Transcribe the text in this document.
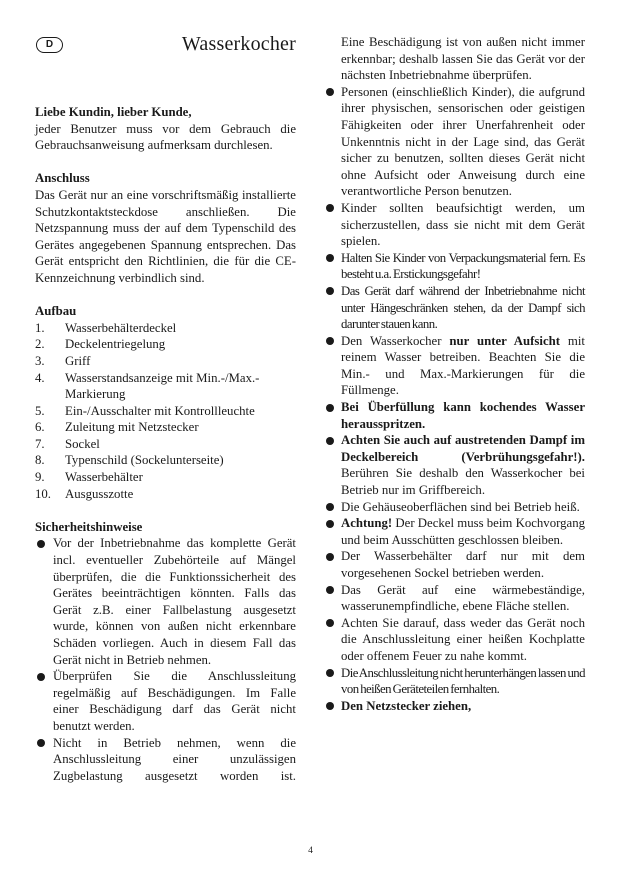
D	Wasserkocher
Liebe Kundin, lieber Kunde,

jeder Benutzer muss vor dem Gebrauch die Gebrauchsanweisung aufmerksam durchlesen.

Anschluss

Das Gerät nur an eine vorschriftsmäßig installierte Schutzkontaktsteckdose anschließen. Die Netzspannung muss der auf dem Typenschild des Gerätes angegebenen Spannung entsprechen. Das Gerät entspricht den Richtlinien, die für die CE-Kennzeichnung verbindlich sind.

Aufbau
1.	Wasserbehälterdeckel
2.	Deckelentriegelung
3.	Griff
4.	Wasserstandsanzeige mit Min.-/Max.-Markierung
5.	Ein-/Ausschalter mit Kontrollleuchte
6.	Zuleitung mit Netzstecker
7.	Sockel
8.	Typenschild (Sockelunterseite)
9.	Wasserbehälter
10.	Ausgusszotte
Sicherheitshinweise
Vor der Inbetriebnahme das komplette Gerät incl. eventueller Zubehörteile auf Mängel überprüfen, die die Funktionssicherheit des Gerätes beeinträchtigen könnten. Falls das Gerät z.B. einer Fallbelastung ausgesetzt wurde, können von außen nicht erkennbare Schäden vorliegen. Auch in diesem Fall das Gerät nicht in Betrieb nehmen.
Überprüfen Sie die Anschlussleitung regelmäßig auf Beschädigungen. Im Falle einer Beschädigung darf das Gerät nicht benutzt werden.
Nicht in Betrieb nehmen, wenn die Anschlussleitung einer unzulässigen Zugbelastung ausgesetzt worden ist.

Eine Beschädigung ist von außen nicht immer erkennbar; deshalb lassen Sie das Gerät vor der nächsten Inbetriebnahme überprüfen.

Personen (einschließlich Kinder), die aufgrund ihrer physischen, sensorischen oder geistigen Fähigkeiten oder ihrer Unerfahrenheit oder Unkenntnis nicht in der Lage sind, das Gerät sicher zu benutzen, sollten dieses Gerät nicht ohne Aufsicht oder Anweisung durch eine verantwortliche Person benutzen.
Kinder sollten beaufsichtigt werden, um sicherzustellen, dass sie nicht mit dem Gerät spielen.
Halten Sie Kinder von Verpackungsmaterial fern. Es besteht u.a. Erstickungsgefahr!
Das Gerät darf während der Inbetriebnahme nicht unter Hängeschränken stehen, da der Dampf sich darunter stauen kann.
Den Wasserkocher nur unter Aufsicht mit reinem Wasser betreiben. Beachten Sie die Min.- und Max.-Markierungen für die Füllmenge.
Bei Überfüllung kann kochendes Wasser herausspritzen.
Achten Sie auch auf austretenden Dampf im Deckelbereich (Verbrühungsgefahr!). Berühren Sie deshalb den Wasserkocher bei Betrieb nur im Griffbereich.
Die Gehäuseoberflächen sind bei Betrieb heiß.
Achtung! Der Deckel muss beim Kochvorgang und beim Ausschütten geschlossen bleiben.
Der Wasserbehälter darf nur mit dem vorgesehenen Sockel betrieben werden.
Das Gerät auf eine wärmebeständige, wasserunempfindliche, ebene Fläche stellen.
Achten Sie darauf, dass weder das Gerät noch die Anschlussleitung einer heißen Kochplatte oder offenem Feuer zu nahe kommt.
Die Anschlussleitung nicht herunterhängen lassen und von heißen Geräteteilen fernhalten.
Den Netzstecker ziehen,
4
